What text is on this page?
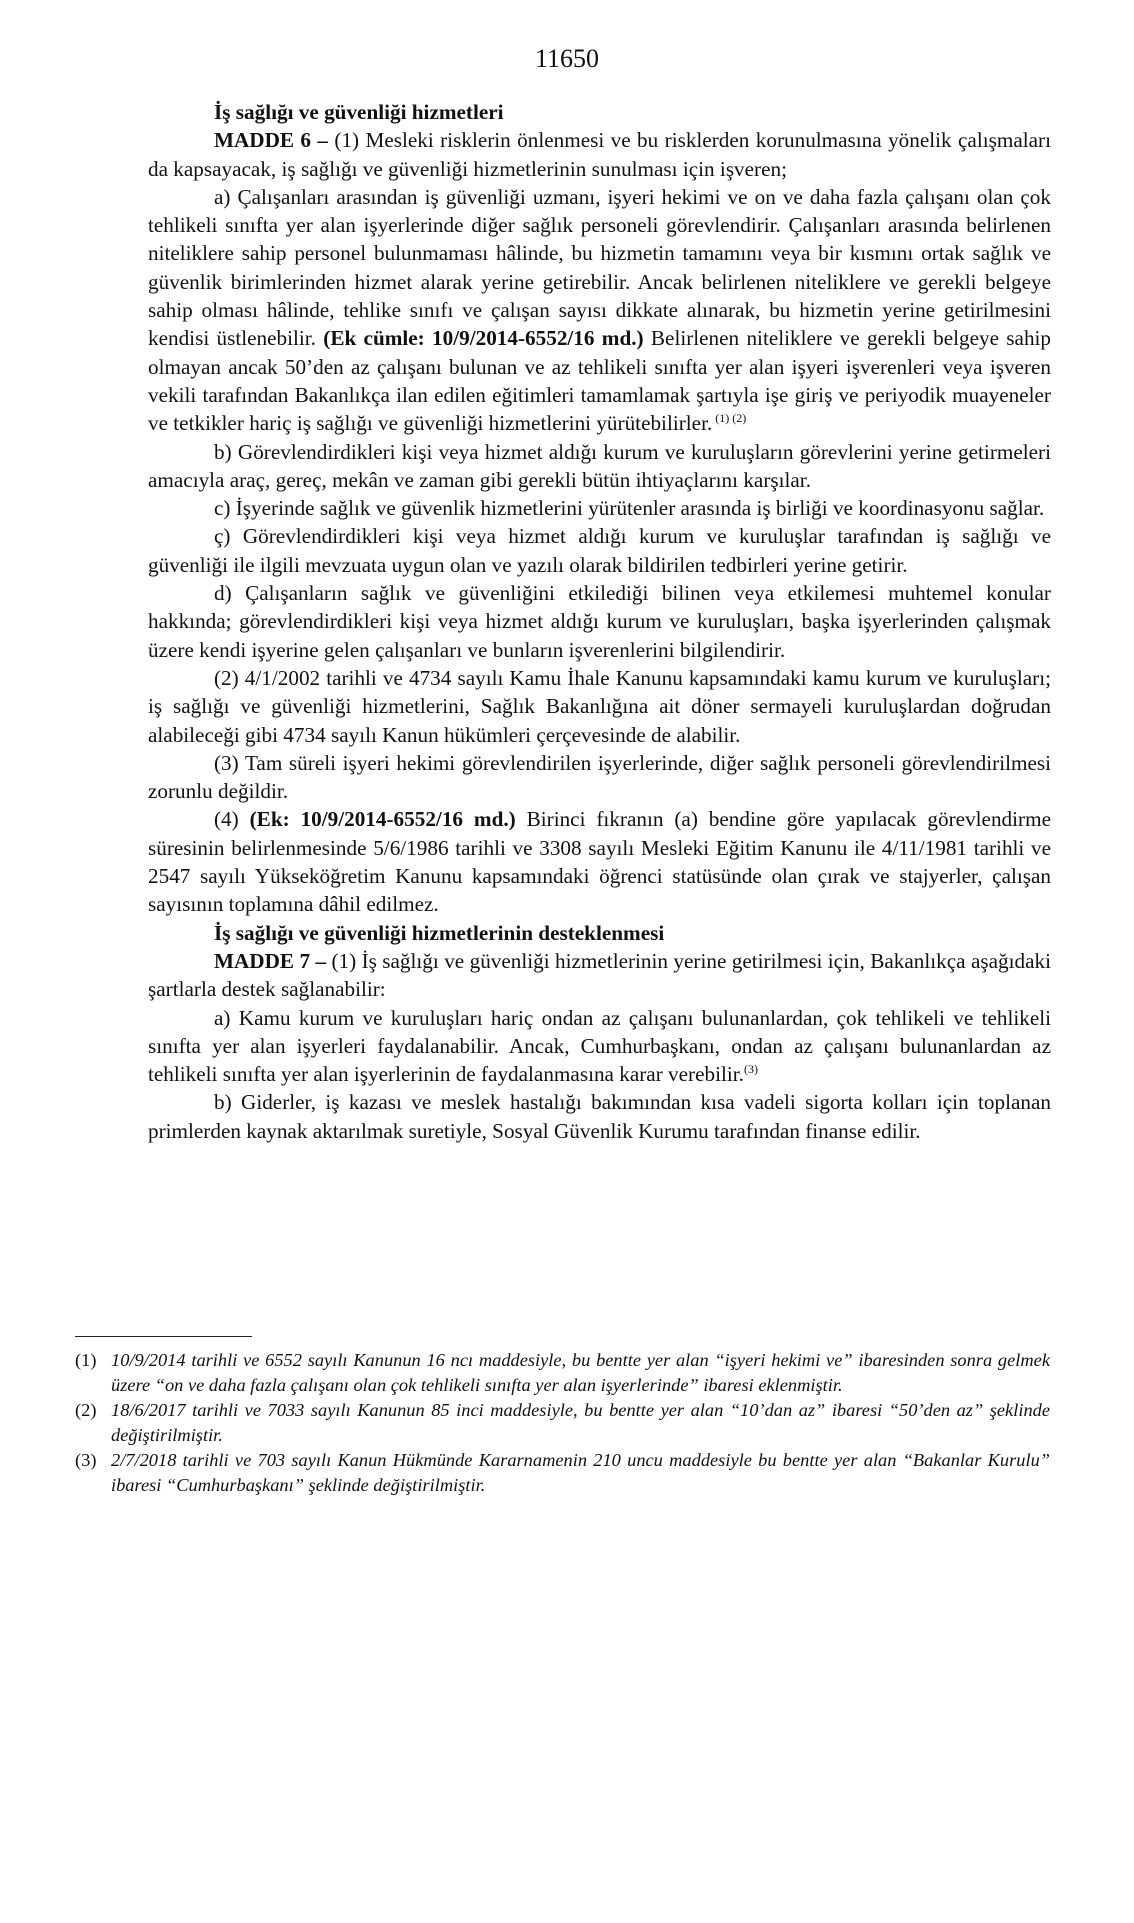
11650

İş sağlığı ve güvenliği hizmetleri

MADDE 6 – (1) Mesleki risklerin önlenmesi ve bu risklerden korunulmasına yönelik çalışmaları da kapsayacak, iş sağlığı ve güvenliği hizmetlerinin sunulması için işveren;

a) Çalışanları arasından iş güvenliği uzmanı, işyeri hekimi ve on ve daha fazla çalışanı olan çok tehlikeli sınıfta yer alan işyerlerinde diğer sağlık personeli görevlendirir. Çalışanları arasında belirlenen niteliklere sahip personel bulunmaması hâlinde, bu hizmetin tamamını veya bir kısmını ortak sağlık ve güvenlik birimlerinden hizmet alarak yerine getirebilir. Ancak belirlenen niteliklere ve gerekli belgeye sahip olması hâlinde, tehlike sınıfı ve çalışan sayısı dikkate alınarak, bu hizmetin yerine getirilmesini kendisi üstlenebilir. (Ek cümle: 10/9/2014-6552/16 md.) Belirlenen niteliklere ve gerekli belgeye sahip olmayan ancak 50’den az çalışanı bulunan ve az tehlikeli sınıfta yer alan işyeri işverenleri veya işveren vekili tarafından Bakanlıkça ilan edilen eğitimleri tamamlamak şartıyla işe giriş ve periyodik muayeneler ve tetkikler hariç iş sağlığı ve güvenliği hizmetlerini yürütebilirler. $^{(1) (2)}$

b) Görevlendirdikleri kişi veya hizmet aldığı kurum ve kuruluşların görevlerini yerine getirmeleri amacıyla araç, gereç, mekân ve zaman gibi gerekli bütün ihtiyaçlarını karşılar.

c) İşyerinde sağlık ve güvenlik hizmetlerini yürütenler arasında iş birliği ve koordinasyonu sağlar.

ç) Görevlendirdikleri kişi veya hizmet aldığı kurum ve kuruluşlar tarafından iş sağlığı ve güvenliği ile ilgili mevzuata uygun olan ve yazılı olarak bildirilen tedbirleri yerine getirir.

d) Çalışanların sağlık ve güvenliğini etkilediği bilinen veya etkilemesi muhtemel konular hakkında; görevlendirdikleri kişi veya hizmet aldığı kurum ve kuruluşları, başka işyerlerinden çalışmak üzere kendi işyerine gelen çalışanları ve bunların işverenlerini bilgilendirir.

(2) 4/1/2002 tarihli ve 4734 sayılı Kamu İhale Kanunu kapsamındaki kamu kurum ve kuruluşları; iş sağlığı ve güvenliği hizmetlerini, Sağlık Bakanlığına ait döner sermayeli kuruluşlardan doğrudan alabileceği gibi 4734 sayılı Kanun hükümleri çerçevesinde de alabilir.

(3) Tam süreli işyeri hekimi görevlendirilen işyerlerinde, diğer sağlık personeli görevlendirilmesi zorunlu değildir.

(4) (Ek: 10/9/2014-6552/16 md.) Birinci fıkranın (a) bendine göre yapılacak görevlendirme süresinin belirlenmesinde 5/6/1986 tarihli ve 3308 sayılı Mesleki Eğitim Kanunu ile 4/11/1981 tarihli ve 2547 sayılı Yükseköğretim Kanunu kapsamındaki öğrenci statüsünde olan çırak ve stajyerler, çalışan sayısının toplamına dâhil edilmez.

İş sağlığı ve güvenliği hizmetlerinin desteklenmesi

MADDE 7 – (1) İş sağlığı ve güvenliği hizmetlerinin yerine getirilmesi için, Bakanlıkça aşağıdaki şartlarla destek sağlanabilir:

a) Kamu kurum ve kuruluşları hariç ondan az çalışanı bulunanlardan, çok tehlikeli ve tehlikeli sınıfta yer alan işyerleri faydalanabilir. Ancak, Cumhurbaşkanı, ondan az çalışanı bulunanlardan az tehlikeli sınıfta yer alan işyerlerinin de faydalanmasına karar verebilir.$^{(3)}$

b) Giderler, iş kazası ve meslek hastalığı bakımından kısa vadeli sigorta kolları için toplanan primlerden kaynak aktarılmak suretiyle, Sosyal Güvenlik Kurumu tarafından finanse edilir.

(1) 10/9/2014 tarihli ve 6552 sayılı Kanunun 16 ncı maddesiyle, bu bentte yer alan “işyeri hekimi ve” ibaresinden sonra gelmek üzere “on ve daha fazla çalışanı olan çok tehlikeli sınıfta yer alan işyerlerinde” ibaresi eklenmiştir.
(2) 18/6/2017 tarihli ve 7033 sayılı Kanunun 85 inci maddesiyle, bu bentte yer alan “10’dan az” ibaresi “50’den az” şeklinde değiştirilmiştir.
(3) 2/7/2018 tarihli ve 703 sayılı Kanun Hükmünde Kararnamenin 210 uncu maddesiyle bu bentte yer alan “Bakanlar Kurulu” ibaresi “Cumhurbaşkanı” şeklinde değiştirilmiştir.
